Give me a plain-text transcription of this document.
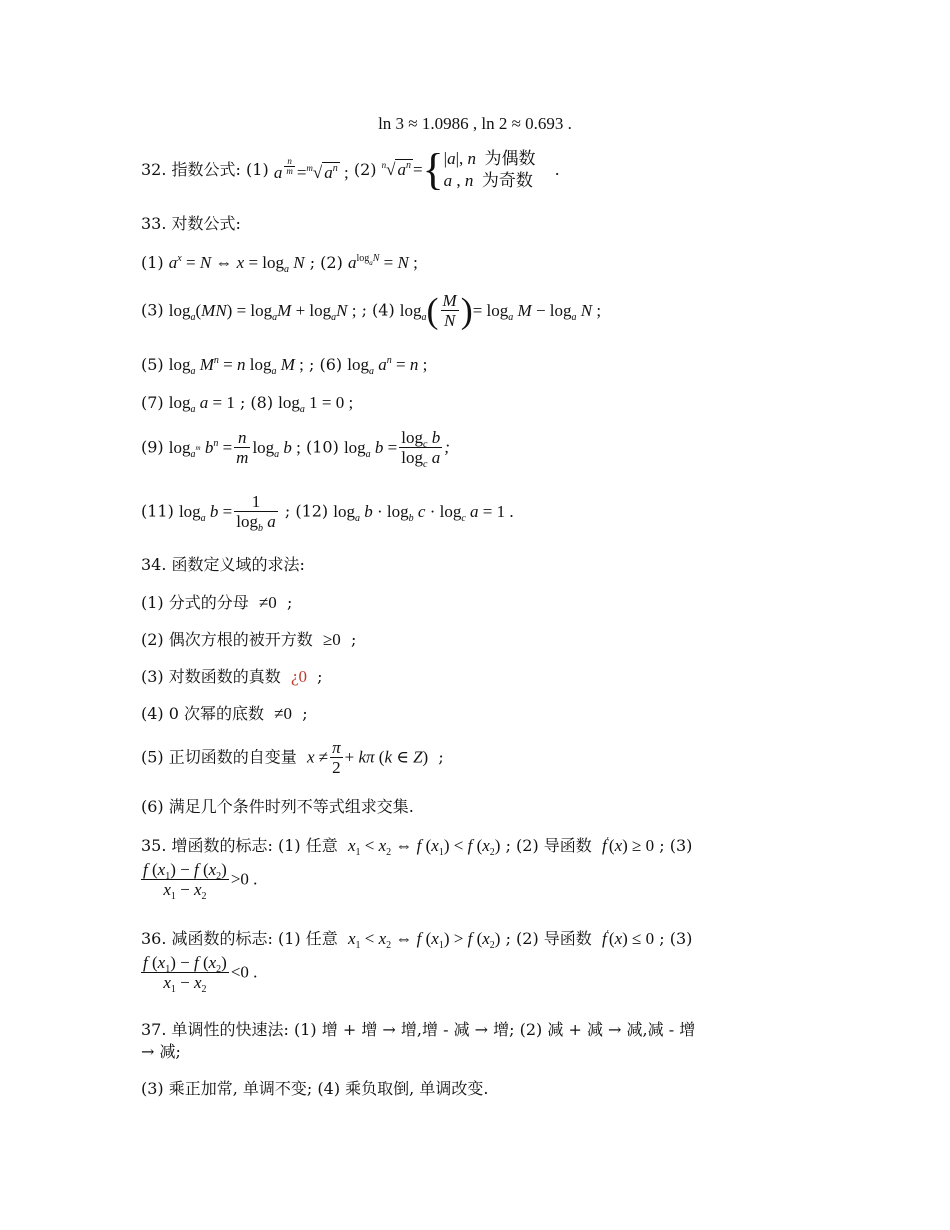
ln 3 ≈ 1.0986 , ln 2 ≈ 0.693 .
32. 指数公式: (1) a $^{\frac{n}{m}}$ =$^m$√ $a^n$ ; (2) $^n$√ $a^n$ ={ |a|, n 为偶数
a , n 为奇数
.
33. 对数公式:
(1) $a^x = N$ ⇔ $x = \log_a N$ ; (2) $a^{log_aN} = N$ ;
(3) $\log_a(MN) = \log_aM + \log_aN$ ; ; (4) $\log_a( \frac{M}{N}$ )= $\log_a M - \log_a N$ ;
(5) $\log_a M^n = n$ $\log_a M$ ; ; (6) $\log_a a^n = n$ ;
(7) $\log_a a = 1$ ; (8) $\log_a 1 = 0$ ;
(9) $\log_{a^m} b^n = \frac{n}{m} \log_a b$ ; (10) $\log_a b = \frac{\log_c b}{\log_c a}$ ;
(11) $\log_a b = \frac{1}{\log_b a}$ ; (12) $\log_a b \cdot \log_b c \cdot \log_c a = 1$ .
34. 函数定义域的求法:
(1) 分式的分母 ≠0  ;
(2) 偶次方根的被开方数 ≥0  ;
(3) 对数函数的真数 ¿0  ;
(4) 0 次幂的底数 ≠0  ;
(5) 正切函数的自变量 $x \ne \frac{\pi}{2} + k\pi$ (k ∈ Z)  ;
(6) 满足几个条件时列不等式组求交集.
35. 增函数的标志: (1) 任意 $x_1 < x_2$ ⇔ f $(x_1) < f$ $(x_2)$ ; (2) 导函数 f′(x) ≥ 0 ; (3)
$\frac{f (x_1) - f (x_2)}{x_1 - x_2} >0$ .
36. 减函数的标志: (1) 任意 $x_1 < x_2$ ⇔ f $(x_1) > f$ $(x_2)$ ; (2) 导函数 f′(x) ≤ 0 ; (3)
$\frac{f (x_1) - f (x_2)}{x_1 - x_2} <0$ .
37. 单调性的快速法: (1) 增 + 增 → 增,增 - 减 → 增; (2) 减 + 减 → 减,减 - 增
→ 减;
(3) 乘正加常, 单调不变; (4) 乘负取倒, 单调改变.
